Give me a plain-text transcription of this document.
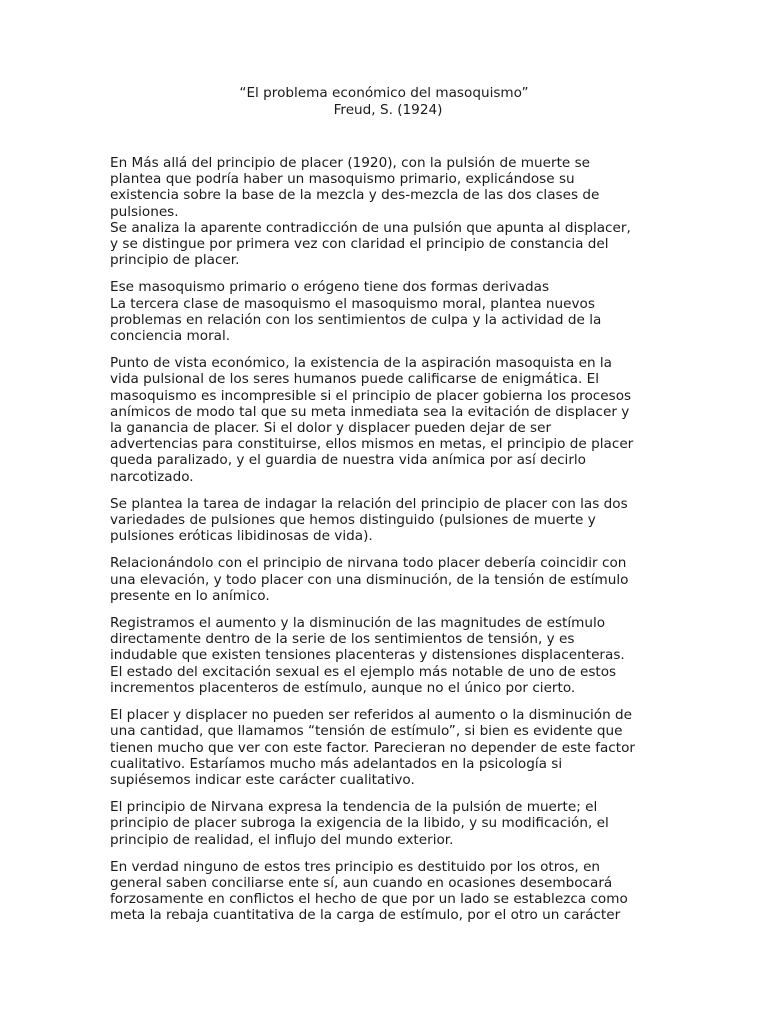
“El problema económico del masoquismo”
Freud, S. (1924)

En Más allá del principio de placer (1920), con la pulsión de muerte se
plantea que podría haber un masoquismo primario, explicándose su
existencia sobre la base de la mezcla y des-mezcla de las dos clases de
pulsiones.
Se analiza la aparente contradicción de una pulsión que apunta al displacer,
y se distingue por primera vez con claridad el principio de constancia del
principio de placer.

Ese masoquismo primario o erógeno tiene dos formas derivadas
La tercera clase de masoquismo el masoquismo moral, plantea nuevos
problemas en relación con los sentimientos de culpa y la actividad de la
conciencia moral.

Punto de vista económico, la existencia de la aspiración masoquista en la
vida pulsional de los seres humanos puede calificarse de enigmática. El
masoquismo es incompresible si el principio de placer gobierna los procesos
anímicos de modo tal que su meta inmediata sea la evitación de displacer y
la ganancia de placer. Si el dolor y displacer pueden dejar de ser
advertencias para constituirse, ellos mismos en metas, el principio de placer
queda paralizado, y el guardia de nuestra vida anímica por así decirlo
narcotizado.

Se plantea la tarea de indagar la relación del principio de placer con las dos
variedades de pulsiones que hemos distinguido (pulsiones de muerte y
pulsiones eróticas libidinosas de vida).

Relacionándolo con el principio de nirvana todo placer debería coincidir con
una elevación, y todo placer con una disminución, de la tensión de estímulo
presente en lo anímico.

Registramos el aumento y la disminución de las magnitudes de estímulo
directamente dentro de la serie de los sentimientos de tensión, y es
indudable que existen tensiones placenteras y distensiones displacenteras.
El estado del excitación sexual es el ejemplo más notable de uno de estos
incrementos placenteros de estímulo, aunque no el único por cierto.

El placer y displacer no pueden ser referidos al aumento o la disminución de
una cantidad, que llamamos “tensión de estímulo”, si bien es evidente que
tienen mucho que ver con este factor. Parecieran no depender de este factor
cualitativo. Estaríamos mucho más adelantados en la psicología si
supiésemos indicar este carácter cualitativo.

El principio de Nirvana expresa la tendencia de la pulsión de muerte; el
principio de placer subroga la exigencia de la libido, y su modificación, el
principio de realidad, el influjo del mundo exterior.

En verdad ninguno de estos tres principio es destituido por los otros, en
general saben conciliarse ente sí, aun cuando en ocasiones desembocará
forzosamente en conflictos el hecho de que por un lado se establezca como
meta la rebaja cuantitativa de la carga de estímulo, por el otro un carácter
